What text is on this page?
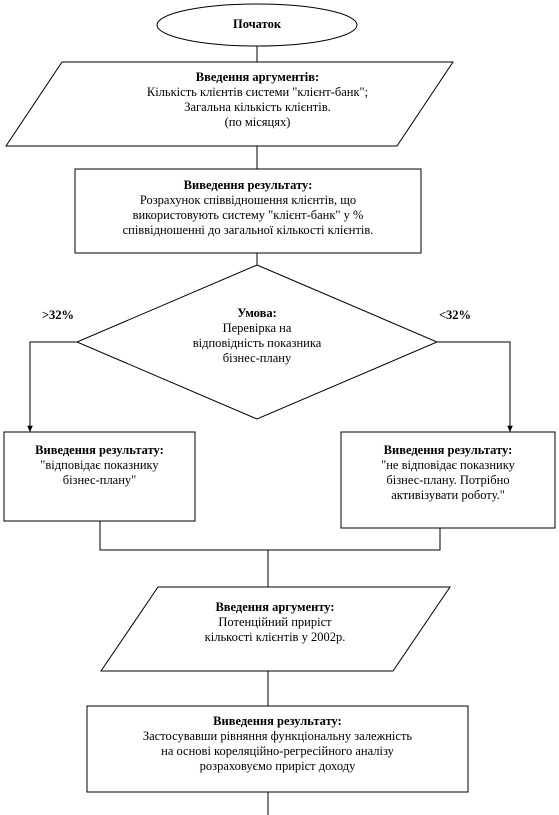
Початок
Введення аргументів:
Кількість клієнтів системи "клієнт-банк";
Загальна кількість клієнтів.
(по місяцях)
Виведення результату:
Розрахунок співвідношення клієнтів, що
використовують систему "клієнт-банк" у %
співвідношенні до загальної кількості клієнтів.
Умова:
Перевірка на
відповідність показника
бізнес-плану
>32%	<32%
Виведення результату:
"відповідає показнику
бізнес-плану"
Виведення результату:
"не відповідає показнику
бізнес-плану. Потрібно
активізувати роботу."
Введення аргументу:
Потенційний приріст
кількості клієнтів у 2002р.
Виведення результату:
Застосувавши рівняння функціональну залежність
на основі кореляційно-регресійного аналізу
розраховуємо приріст доходу
